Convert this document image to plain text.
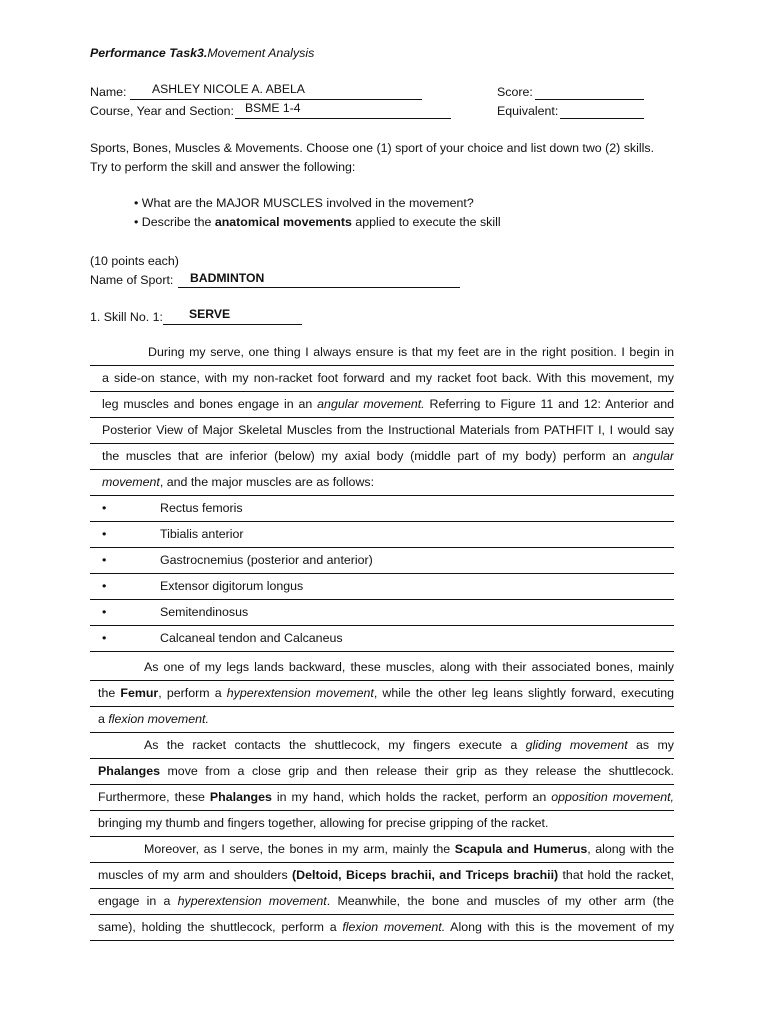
Performance Task3.Movement Analysis
Name: ASHLEY NICOLE A. ABELA	Score:
Course, Year and Section: BSME 1-4	Equivalent:
Sports, Bones, Muscles & Movements. Choose one (1) sport of your choice and list down two (2) skills.
Try to perform the skill and answer the following:
• What are the MAJOR MUSCLES involved in the movement?
• Describe the anatomical movements applied to execute the skill
(10 points each)
Name of Sport: BADMINTON
1. Skill No. 1: SERVE
During my serve, one thing I always ensure is that my feet are in the right position. I begin in
a side-on stance, with my non-racket foot forward and my racket foot back. With this movement, my
leg muscles and bones engage in an angular movement. Referring to Figure 11 and 12: Anterior and
Posterior View of Major Skeletal Muscles from the Instructional Materials from PATHFIT I, I would say
the muscles that are inferior (below) my axial body (middle part of my body) perform an angular
movement, and the major muscles are as follows:
•	Rectus femoris
•	Tibialis anterior
•	Gastrocnemius (posterior and anterior)
•	Extensor digitorum longus
•	Semitendinosus
•	Calcaneal tendon and Calcaneus
As one of my legs lands backward, these muscles, along with their associated bones, mainly
the Femur, perform a hyperextension movement, while the other leg leans slightly forward, executing
a flexion movement.
As the racket contacts the shuttlecock, my fingers execute a gliding movement as my
Phalanges move from a close grip and then release their grip as they release the shuttlecock.
Furthermore, these Phalanges in my hand, which holds the racket, perform an opposition movement,
bringing my thumb and fingers together, allowing for precise gripping of the racket.
Moreover, as I serve, the bones in my arm, mainly the Scapula and Humerus, along with the
muscles of my arm and shoulders (Deltoid, Biceps brachii, and Triceps brachii) that hold the racket,
engage in a hyperextension movement. Meanwhile, the bone and muscles of my other arm (the
same), holding the shuttlecock, perform a flexion movement. Along with this is the movement of my
